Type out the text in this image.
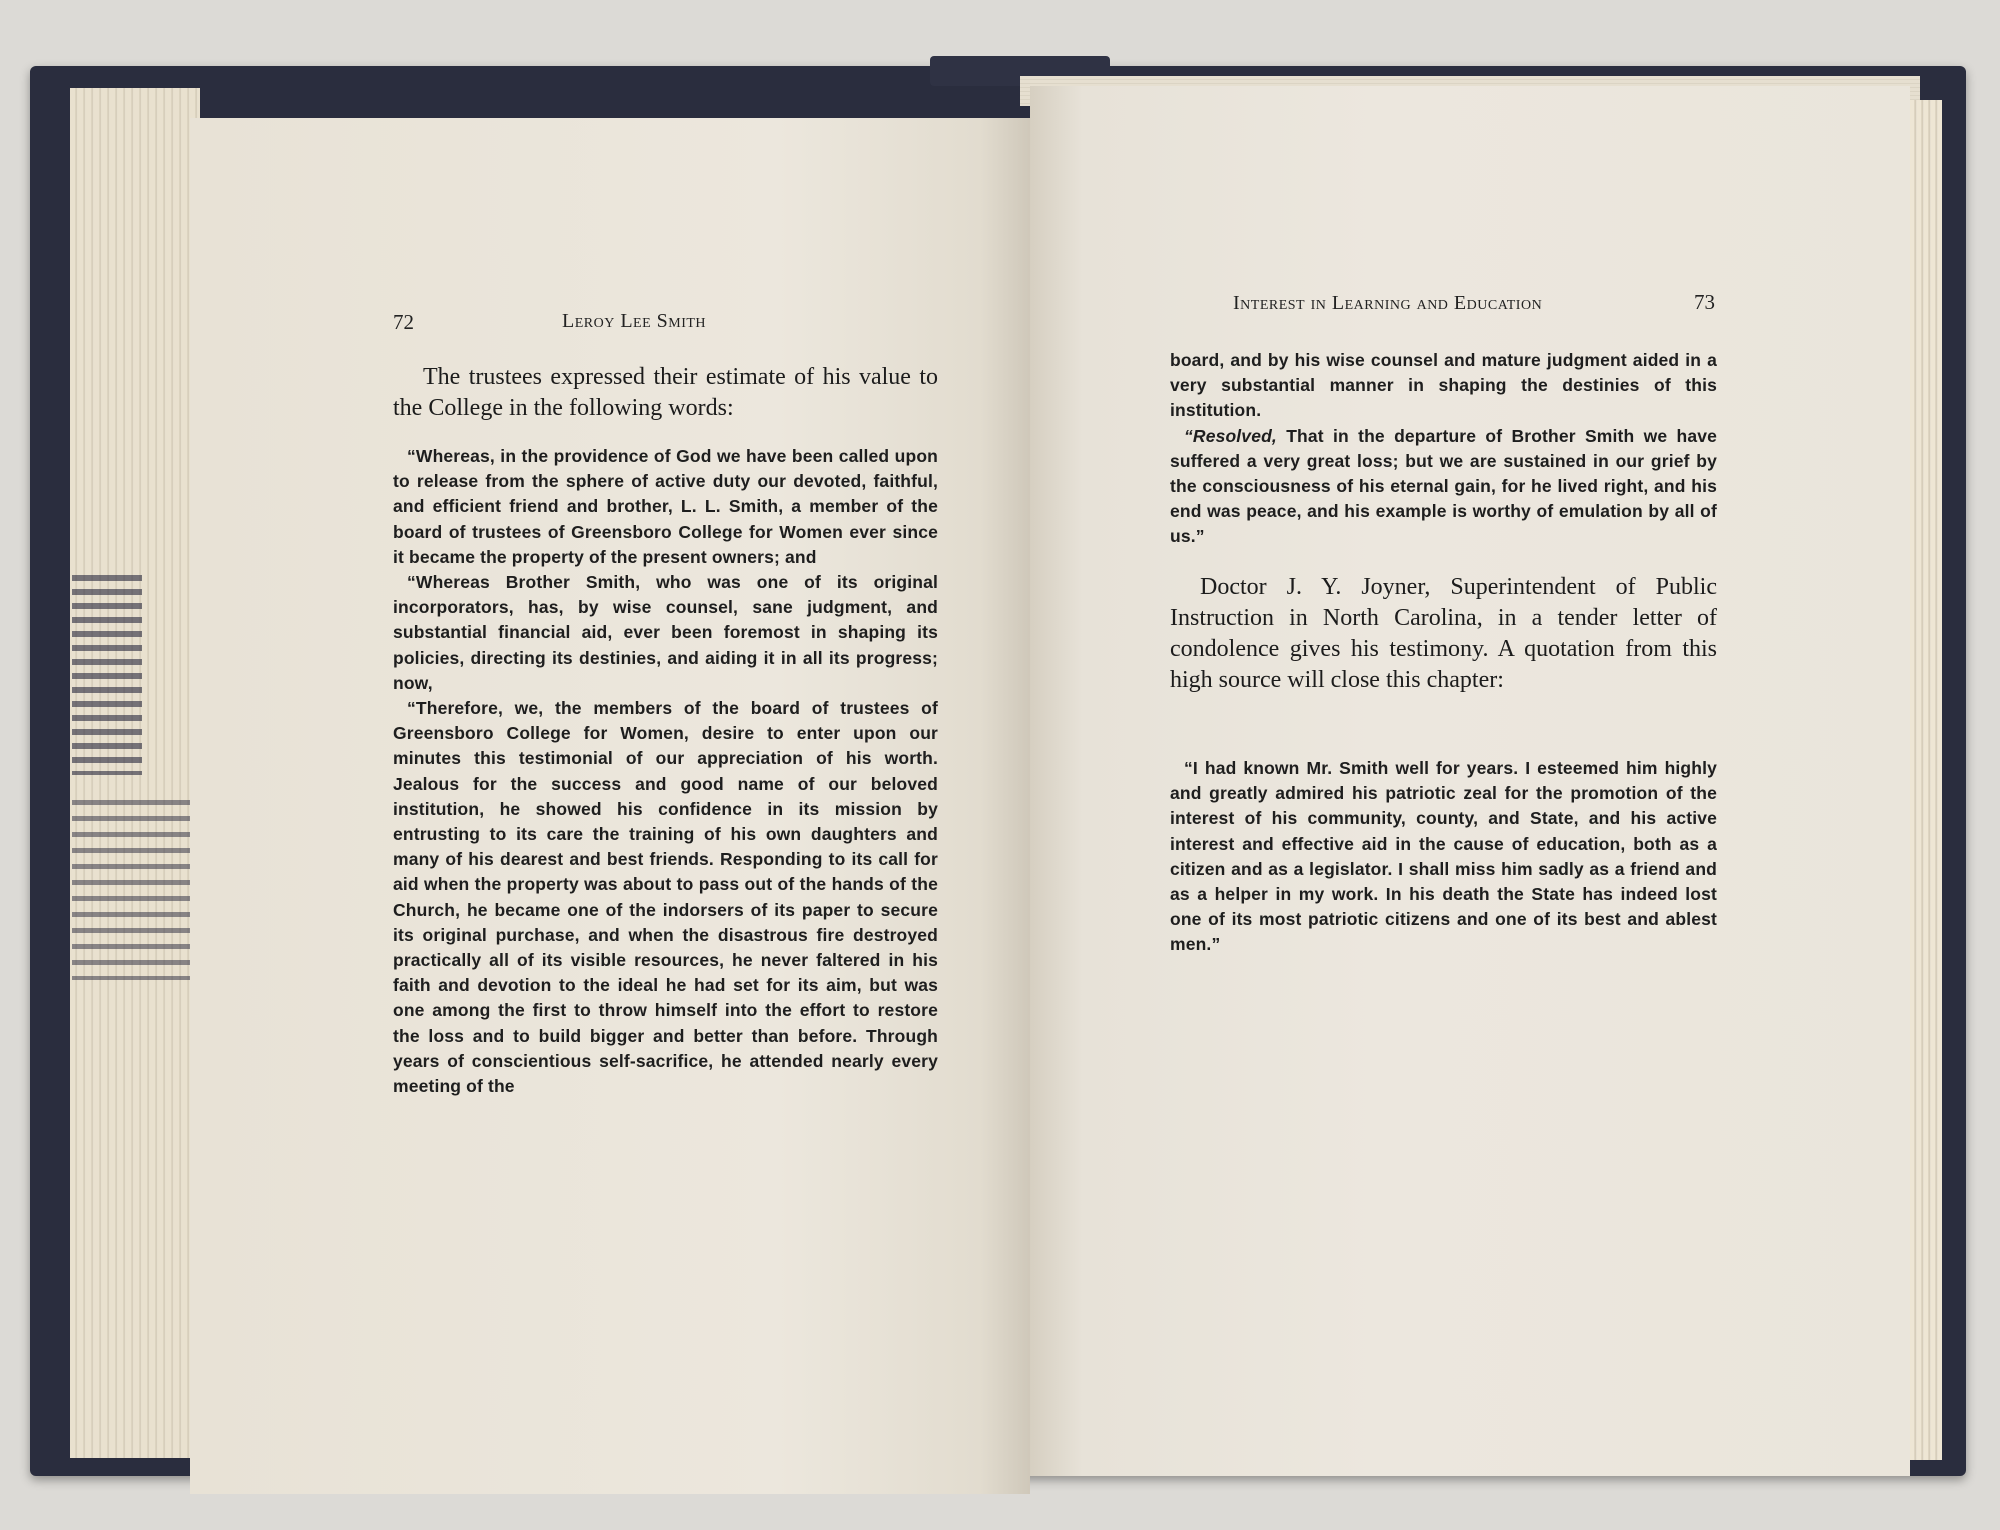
72	Leroy Lee Smith

The trustees expressed their estimate of his value to the College in the following words:

“Whereas, in the providence of God we have been called upon to release from the sphere of active duty our devoted, faithful, and efficient friend and brother, L. L. Smith, a member of the board of trustees of Greensboro College for Women ever since it became the property of the present owners; and

“Whereas Brother Smith, who was one of its original incorporators, has, by wise counsel, sane judgment, and substantial financial aid, ever been foremost in shaping its policies, directing its destinies, and aiding it in all its progress; now,

“Therefore, we, the members of the board of trustees of Greensboro College for Women, desire to enter upon our minutes this testimonial of our appreciation of his worth. Jealous for the success and good name of our beloved institution, he showed his confidence in its mission by entrusting to its care the training of his own daughters and many of his dearest and best friends. Responding to its call for aid when the property was about to pass out of the hands of the Church, he became one of the indorsers of its paper to secure its original purchase, and when the disastrous fire destroyed practically all of its visible resources, he never faltered in his faith and devotion to the ideal he had set for its aim, but was one among the first to throw himself into the effort to restore the loss and to build bigger and better than before. Through years of conscientious self-sacrifice, he attended nearly every meeting of the

Interest in Learning and Education	73

board, and by his wise counsel and mature judgment aided in a very substantial manner in shaping the destinies of this institution.

“Resolved, That in the departure of Brother Smith we have suffered a very great loss; but we are sustained in our grief by the consciousness of his eternal gain, for he lived right, and his end was peace, and his example is worthy of emulation by all of us.”

Doctor J. Y. Joyner, Superintendent of Public Instruction in North Carolina, in a tender letter of condolence gives his testimony. A quotation from this high source will close this chapter:

“I had known Mr. Smith well for years. I esteemed him highly and greatly admired his patriotic zeal for the promotion of the interest of his community, county, and State, and his active interest and effective aid in the cause of education, both as a citizen and as a legislator. I shall miss him sadly as a friend and as a helper in my work. In his death the State has indeed lost one of its most patriotic citizens and one of its best and ablest men.”
